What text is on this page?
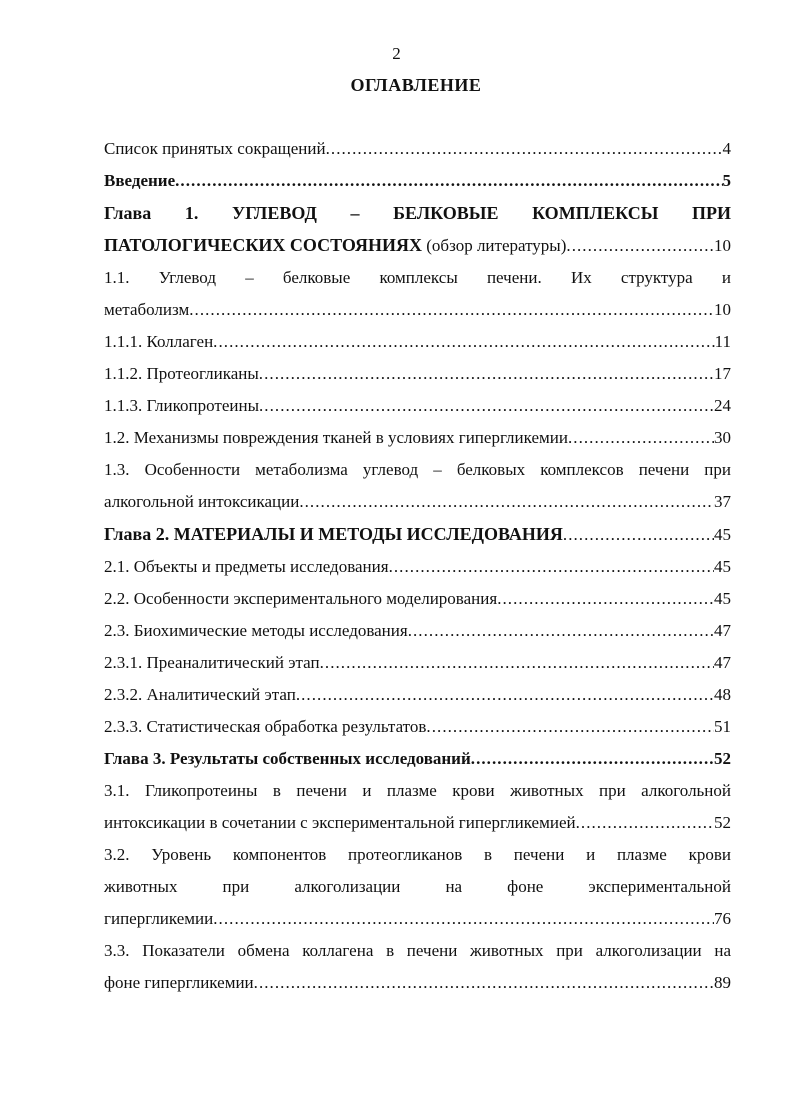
2
ОГЛАВЛЕНИЕ
Список принятых сокращений . . .	4
Введение . . .	5
Глава 1. УГЛЕВОД – БЕЛКОВЫЕ КОМПЛЕКСЫ ПРИ
ПАТОЛОГИЧЕСКИХ СОСТОЯНИЯХ (обзор литературы) . . .	10
1.1. Углевод – белковые комплексы печени. Их структура и
метаболизм . . .	10
1.1.1. Коллаген . . .	11
1.1.2. Протеогликаны . . .	17
1.1.3. Гликопротеины . . .	24
1.2. Механизмы повреждения тканей в условиях гипергликемии . . .	30
1.3. Особенности метаболизма углевод – белковых комплексов печени при
алкогольной интоксикации . . .	37
Глава 2. МАТЕРИАЛЫ И МЕТОДЫ ИССЛЕДОВАНИЯ . . .	45
2.1. Объекты и предметы исследования . . .	45
2.2. Особенности экспериментального моделирования . . .	45
2.3. Биохимические методы исследования . . .	47
2.3.1. Преаналитический этап . . .	47
2.3.2. Аналитический этап . . .	48
2.3.3. Статистическая обработка результатов . . .	51
Глава 3. Результаты собственных исследований . . .	52
3.1. Гликопротеины в печени и плазме крови животных при алкогольной
интоксикации в сочетании с экспериментальной гипергликемией . . .	52
3.2. Уровень компонентов протеогликанов в печени и плазме крови
животных при алкоголизации на фоне экспериментальной
гипергликемии . . .	76
3.3. Показатели обмена коллагена в печени животных при алкоголизации на
фоне гипергликемии . . .	89
